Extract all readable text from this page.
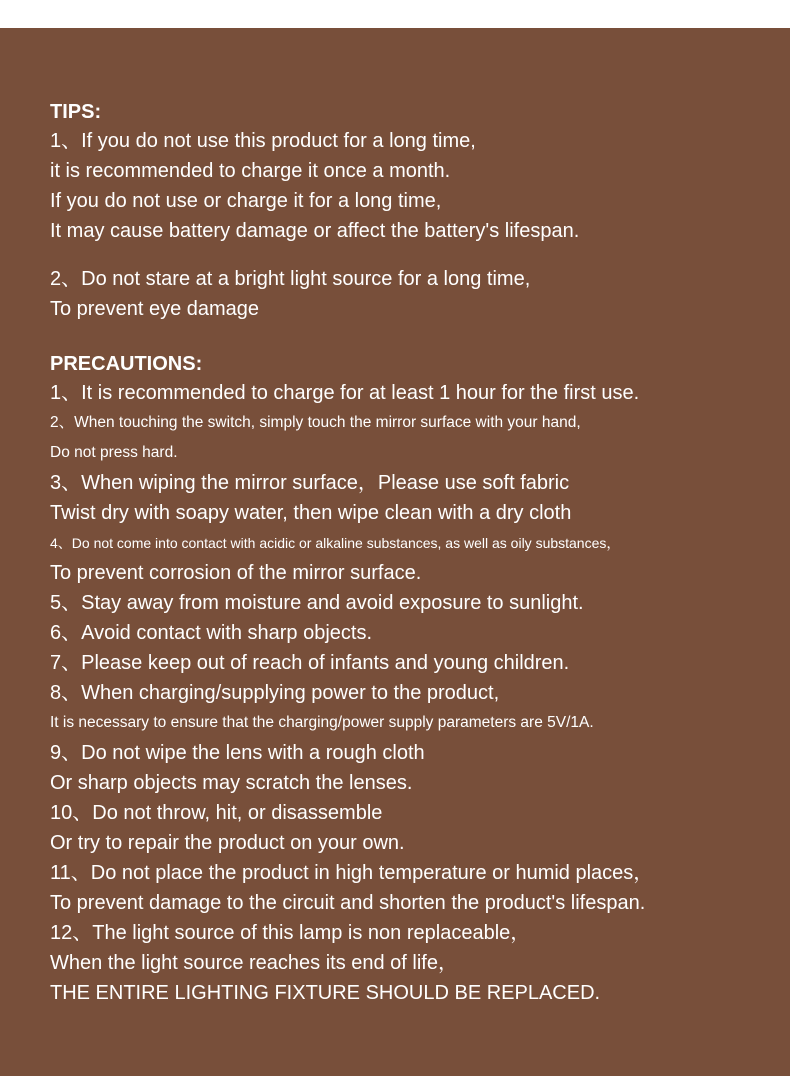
TIPS:
1、If you do not use this product for a long time,
it is recommended to charge it once a month.
If you do not use or charge it for a long time,
It may cause battery damage or affect the battery's lifespan.
2、Do not stare at a bright light source for a long time,
To prevent eye damage
PRECAUTIONS:
1、It is recommended to charge for at least 1 hour for the first use.
2、When touching the switch, simply touch the mirror surface with your hand,
Do not press hard.
3、When wiping the mirror surface，Please use soft fabric
Twist dry with soapy water, then wipe clean with a dry cloth
4、Do not come into contact with acidic or alkaline substances, as well as oily substances，
To prevent corrosion of the mirror surface.
5、Stay away from moisture and avoid exposure to sunlight.
6、Avoid contact with sharp objects.
7、Please keep out of reach of infants and young children.
8、When charging/supplying power to the product,
It is necessary to ensure that the charging/power supply parameters are 5V/1A.
9、Do not wipe the lens with a rough cloth
Or sharp objects may scratch the lenses.
10、Do not throw, hit, or disassemble
Or try to repair the product on your own.
11、Do not place the product in high temperature or humid places，
To prevent damage to the circuit and shorten the product's lifespan.
12、The light source of this lamp is non replaceable，
When the light source reaches its end of life，
THE ENTIRE LIGHTING FIXTURE SHOULD BE REPLACED.
